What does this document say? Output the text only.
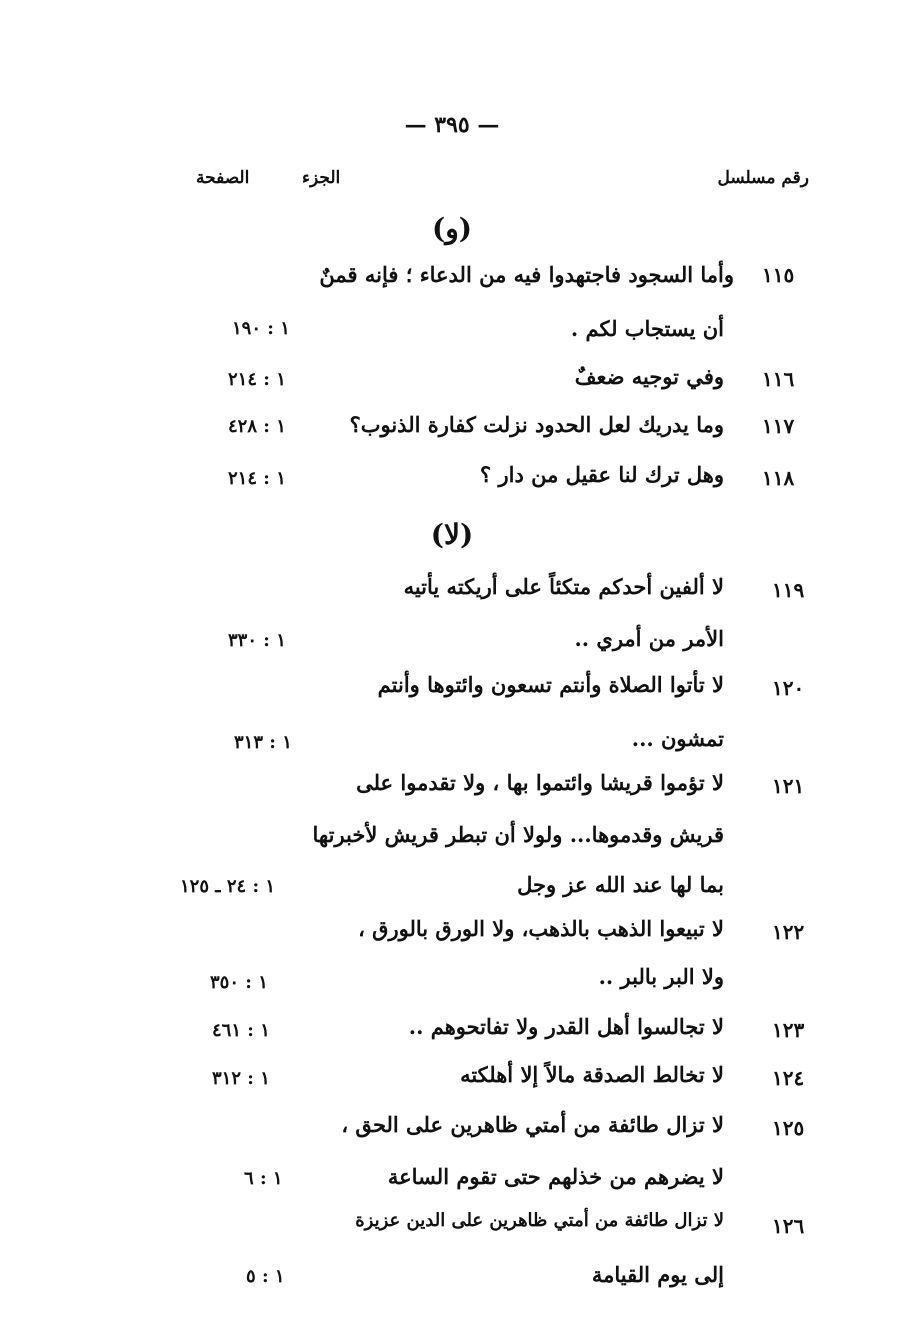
— ٣٩٥ —
رقم مسلسل
الجزء
الصفحة
(و)
١١٥
وأما السجود فاجتهدوا فيه من الدعاء ؛ فإنه قمنٌ
أن يستجاب لكم .
١ : ١٩٠
١١٦
وفي توجيه ضعفٌ
١ : ٢١٤
١١٧
وما يدريك لعل الحدود نزلت كفارة الذنوب؟
١ : ٤٢٨
١١٨
وهل ترك لنا عقيل من دار ؟
١ : ٢١٤
(لا)
١١٩
لا ألفين أحدكم متكئاً على أريكته يأتيه
الأمر من أمري ..
١ : ٣٣٠
١٢٠
لا تأتوا الصلاة وأنتم تسعون وائتوها وأنتم
تمشون ...
١ : ٣١٣
١٢١
لا تؤموا قريشا وائتموا بها ، ولا تقدموا على
قريش وقدموها... ولولا أن تبطر قريش لأخبرتها
بما لها عند الله عز وجل
١ : ٢٤ ـ ١٢٥
١٢٢
لا تبيعوا الذهب بالذهب، ولا الورق بالورق ،
ولا البر بالبر ..
١ : ٣٥٠
١٢٣
لا تجالسوا أهل القدر ولا تفاتحوهم ..
١ : ٤٦١
١٢٤
لا تخالط الصدقة مالاً إلا أهلكته
١ : ٣١٢
١٢٥
لا تزال طائفة من أمتي ظاهرين على الحق ،
لا يضرهم من خذلهم حتى تقوم الساعة
١ : ٦
١٢٦
لا تزال طائفة من أمتي ظاهرين على الدين عزيزة
إلى يوم القيامة
١ : ٥
